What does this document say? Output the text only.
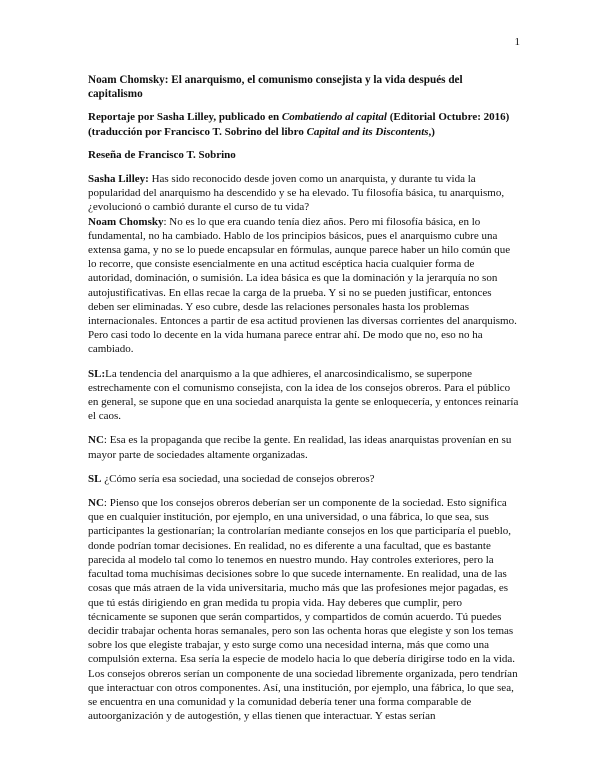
1
Noam Chomsky: El anarquismo, el comunismo consejista y la vida después del capitalismo
Reportaje por Sasha Lilley, publicado en Combatiendo al capital (Editorial Octubre: 2016) (traducción por Francisco T. Sobrino del libro Capital and its Discontents,)
Reseña de Francisco T. Sobrino
Sasha Lilley: Has sido reconocido desde joven como un anarquista, y durante tu vida la popularidad del anarquismo ha descendido y se ha elevado. Tu filosofía básica, tu anarquismo, ¿evolucionó o cambió durante el curso de tu vida?
Noam Chomsky: No es lo que era cuando tenía diez años. Pero mi filosofía básica, en lo fundamental, no ha cambiado. Hablo de los principios básicos, pues el anarquismo cubre una extensa gama, y no se lo puede encapsular en fórmulas, aunque parece haber un hilo común que lo recorre, que consiste esencialmente en una actitud escéptica hacia cualquier forma de autoridad, dominación, o sumisión. La idea básica es que la dominación y la jerarquía no son autojustificativas. En ellas recae la carga de la prueba. Y si no se pueden justificar, entonces deben ser eliminadas. Y eso cubre, desde las relaciones personales hasta los problemas internacionales. Entonces a partir de esa actitud provienen las diversas corrientes del anarquismo. Pero casi todo lo decente en la vida humana parece entrar ahí. De modo que no, eso no ha cambiado.
SL:La tendencia del anarquismo a la que adhieres, el anarcosindicalismo, se superpone estrechamente con el comunismo consejista, con la idea de los consejos obreros. Para el público en general, se supone que en una sociedad anarquista la gente se enloquecería, y entonces reinaría el caos.
NC: Esa es la propaganda que recibe la gente. En realidad, las ideas anarquistas provenían en su mayor parte de sociedades altamente organizadas.
SL ¿Cómo sería esa sociedad, una sociedad de consejos obreros?
NC: Pienso que los consejos obreros deberían ser un componente de la sociedad. Esto significa que en cualquier institución, por ejemplo, en una universidad, o una fábrica, lo que sea, sus participantes la gestionarían; la controlarían mediante consejos en los que participaría el pueblo, donde podrían tomar decisiones. En realidad, no es diferente a una facultad, que es bastante parecida al modelo tal como lo tenemos en nuestro mundo. Hay controles exteriores, pero la facultad toma muchísimas decisiones sobre lo que sucede internamente. En realidad, una de las cosas que más atraen de la vida universitaria, mucho más que las profesiones mejor pagadas, es que tú estás dirigiendo en gran medida tu propia vida. Hay deberes que cumplir, pero técnicamente se suponen que serán compartidos, y compartidos de común acuerdo. Tú puedes decidir trabajar ochenta horas semanales, pero son las ochenta horas que elegiste y son los temas sobre los que elegiste trabajar, y esto surge como una necesidad interna, más que como una compulsión externa. Esa sería la especie de modelo hacia lo que debería dirigirse todo en la vida. Los consejos obreros serían un componente de una sociedad libremente organizada, pero tendrían que interactuar con otros componentes. Así, una institución, por ejemplo, una fábrica, lo que sea, se encuentra en una comunidad y la comunidad debería tener una forma comparable de autoorganización y de autogestión, y ellas tienen que interactuar. Y estas serían
